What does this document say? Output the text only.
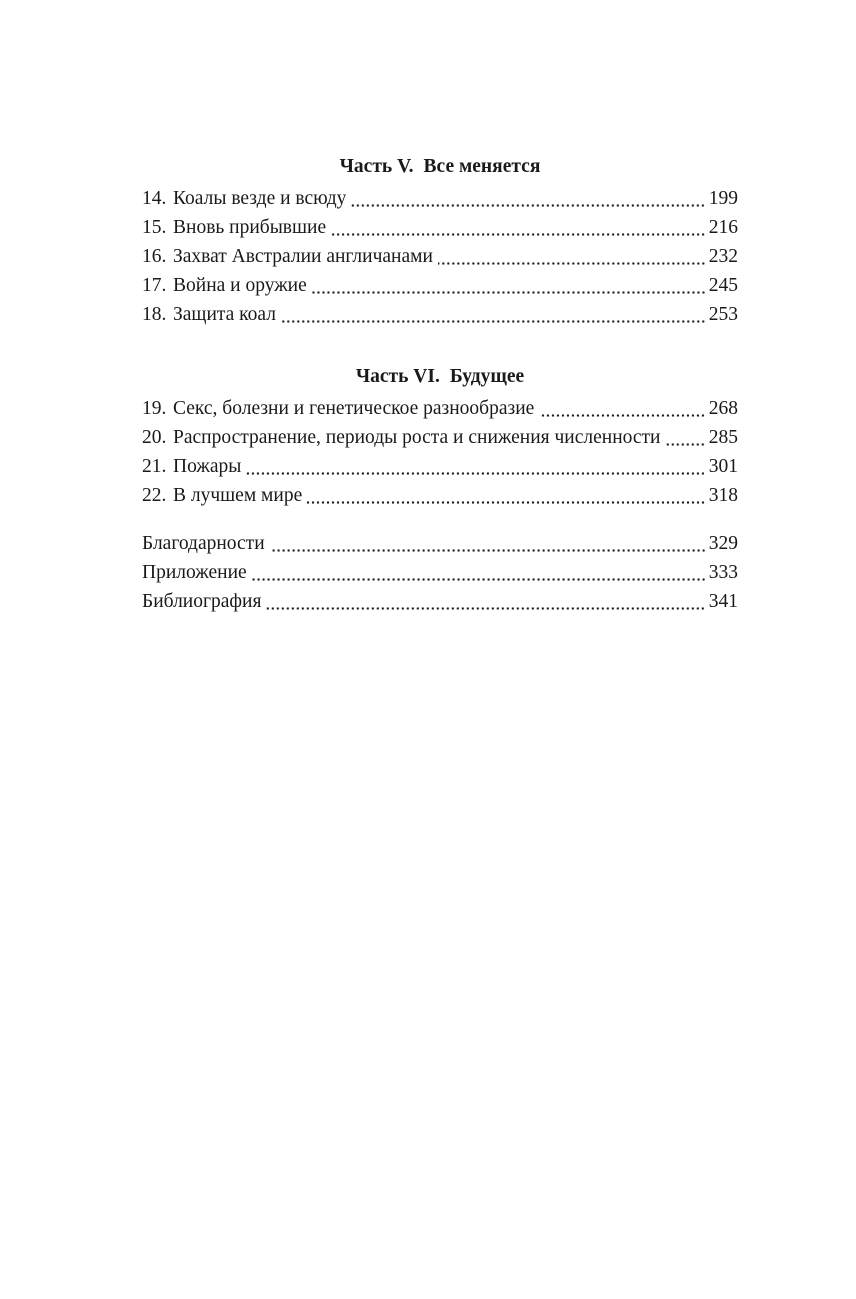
Часть V. Все меняется
14. Коалы везде и всюду	199
15. Вновь прибывшие	216
16. Захват Австралии англичанами	232
17. Война и оружие	245
18. Защита коал	253
Часть VI. Будущее
19. Секс, болезни и генетическое разнообразие	268
20. Распространение, периоды роста и снижения численности 285
21. Пожары	301
22. В лучшем мире	318
Благодарности	329
Приложение	333
Библиография	341
